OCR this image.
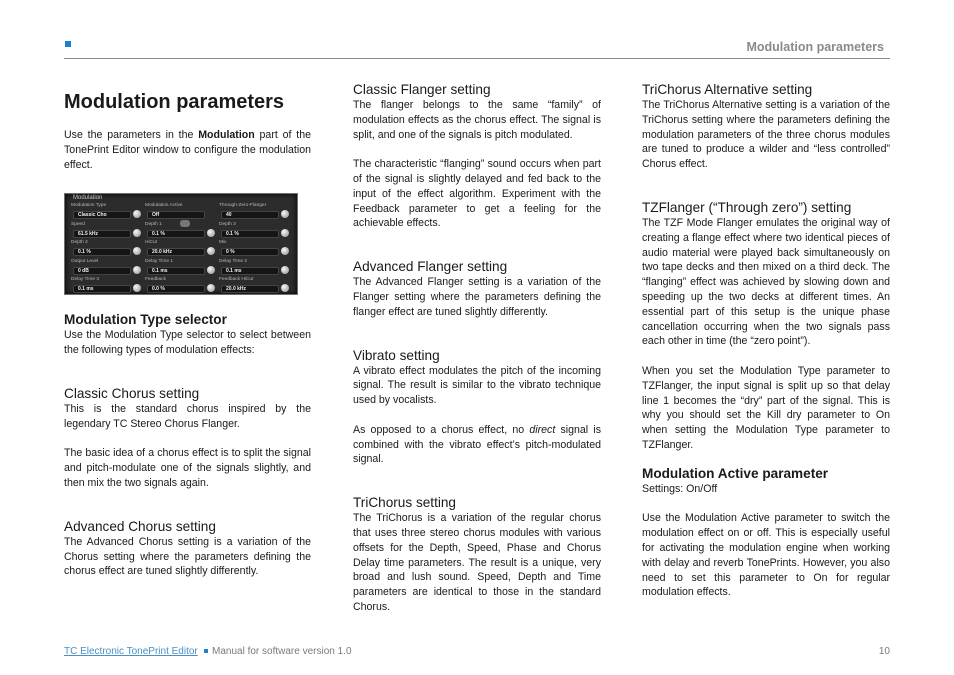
Modulation parameters
Modulation parameters

Use the parameters in the Modulation part of the TonePrint Editor window to configure the modulation effect.

Modulation
Modulation Type
Classic Cho
Modulation Active
Off
Through-Zero-Flanger
40
Speed
61.5 kHz
Depth 1
0.1 %
Depth 3
0.1 %
Depth 2
0.1 %
HiCut
20.0 kHz
Mix
0 %
Output Level
0 dB
Delay Time 1
0.1 ms
Delay Time 2
0.1 ms
Delay Time 3
0.1 ms
Feedback
0.0 %
Feedback HiCut
20.0 kHz
Modulation Type selector

Use the Modulation Type selector to select between the following types of modulation effects:

Classic Chorus setting

This is the standard chorus inspired by the legendary TC Stereo Chorus Flanger.

The basic idea of a chorus effect is to split the signal and pitch-modulate one of the signals slightly, and then mix the two signals again.

Advanced Chorus setting

The Advanced Chorus setting is a variation of the Chorus setting where the parameters defining the chorus effect are tuned slightly differently.

Classic Flanger setting

The flanger belongs to the same “family” of modulation effects as the chorus effect. The signal is split, and one of the signals is pitch modulated.

The characteristic “flanging” sound occurs when part of the signal is slightly delayed and fed back to the input of the effect algorithm. Experiment with the Feedback parameter to get a feeling for the achievable effects.

Advanced Flanger setting

The Advanced Flanger setting is a variation of the Flanger setting where the parameters defining the flanger effect are tuned slightly differently.

Vibrato setting

A vibrato effect modulates the pitch of the incoming signal. The result is similar to the vibrato technique used by vocalists.

As opposed to a chorus effect, no direct signal is combined with the vibrato effect’s pitch-modulated signal.

TriChorus setting

The TriChorus is a variation of the regular chorus that uses three stereo chorus modules with various offsets for the Depth, Speed, Phase and Chorus Delay time parameters. The result is a unique, very broad and lush sound. Speed, Depth and Time parameters are identical to those in the standard Chorus.

TriChorus Alternative setting

The TriChorus Alternative setting is a variation of the TriChorus setting where the parameters defining the modulation parameters of the three chorus modules are tuned to produce a wilder and “less controlled” Chorus effect.

TZFlanger (“Through zero”) setting

The TZF Mode Flanger emulates the original way of creating a flange effect where two identical pieces of audio material were played back simultaneously on two tape decks and then mixed on a third deck. The “flanging” effect was achieved by slowing down and speeding up the two decks at different times. An essential part of this setup is the unique phase cancellation occurring when the two signals pass each other in time (the “zero point”).

When you set the Modulation Type parameter to TZFlanger, the input signal is split up so that delay line 1 becomes the “dry” part of the signal. This is why you should set the Kill dry parameter to On when setting the Modulation Type parameter to TZFlanger.

Modulation Active parameter

Settings: On/Off

Use the Modulation Active parameter to switch the modulation effect on or off. This is especially useful for activating the modulation engine when working with delay and reverb TonePrints. However, you also need to set this parameter to On for regular modulation effects.

TC Electronic TonePrint Editor Manual for software version 1.0	10
